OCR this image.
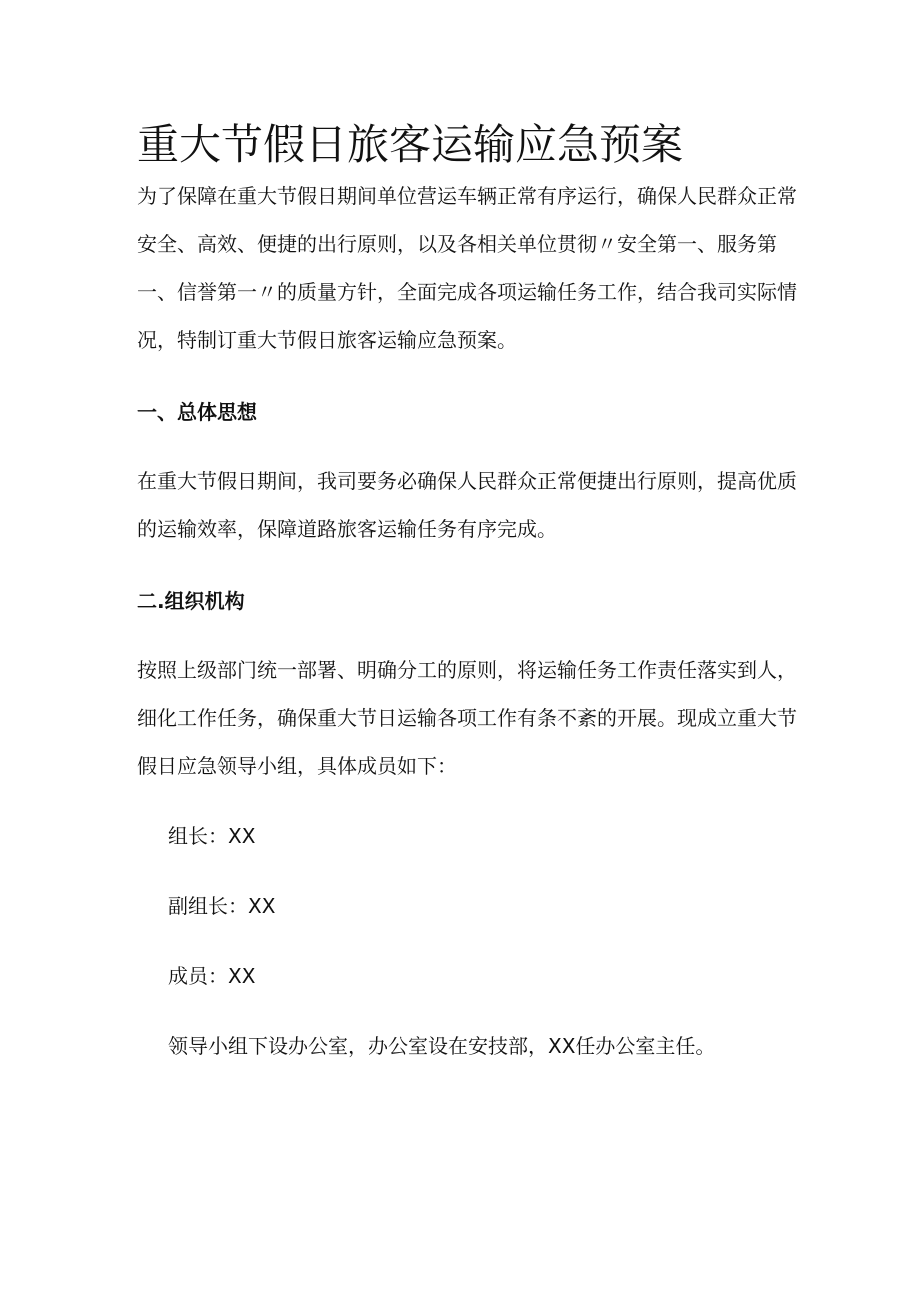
重大节假日旅客运输应急预案

为了保障在重大节假日期间单位营运车辆正常有序运行，确保人民群众正常安全、高效、便捷的出行原则，以及各相关单位贯彻〃安全第一、服务第一、信誉第一〃的质量方针，全面完成各项运输任务工作，结合我司实际情况，特制订重大节假日旅客运输应急预案。

一、总体思想

在重大节假日期间，我司要务必确保人民群众正常便捷出行原则，提高优质的运输效率，保障道路旅客运输任务有序完成。

二.组织机构

按照上级部门统一部署、明确分工的原则，将运输任务工作责任落实到人，细化工作任务，确保重大节日运输各项工作有条不紊的开展。现成立重大节假日应急领导小组，具体成员如下：

组长：XX

副组长：XX

成员：XX

领导小组下设办公室，办公室设在安技部，XX任办公室主任。
